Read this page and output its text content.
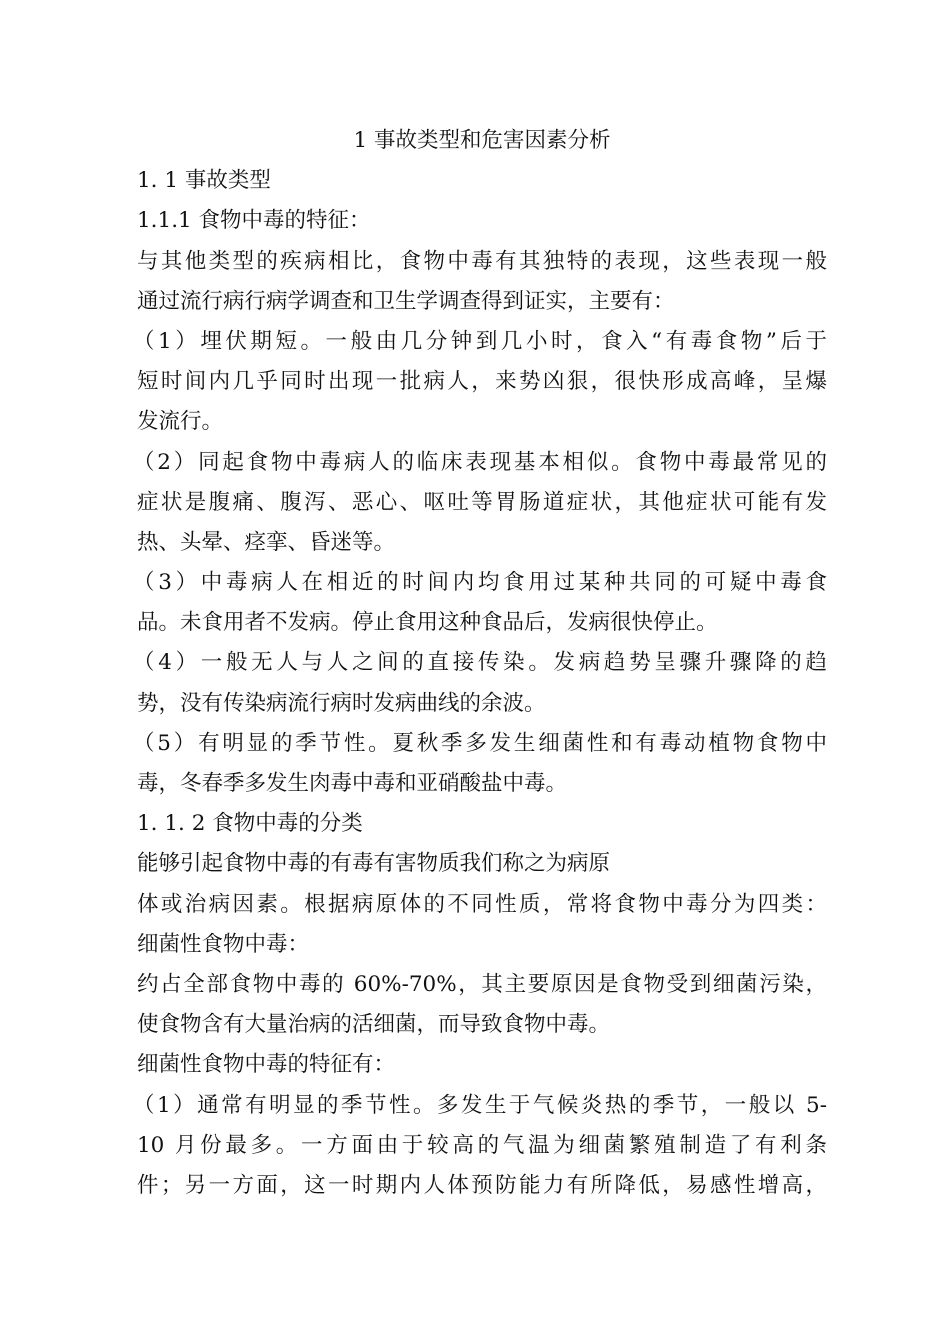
1 事故类型和危害因素分析
1. 1 事故类型
1.1.1 食物中毒的特征：
与其他类型的疾病相比，食物中毒有其独特的表现，这些表现一般
通过流行病行病学调查和卫生学调查得到证实，主要有：
（1）埋伏期短。一般由几分钟到几小时，食入“有毒食物”后于
短时间内几乎同时出现一批病人，来势凶狠，很快形成高峰，呈爆
发流行。
（2）同起食物中毒病人的临床表现基本相似。食物中毒最常见的
症状是腹痛、腹泻、恶心、呕吐等胃肠道症状，其他症状可能有发
热、头晕、痉挛、昏迷等。
（3）中毒病人在相近的时间内均食用过某种共同的可疑中毒食
品。未食用者不发病。停止食用这种食品后，发病很快停止。
（4）一般无人与人之间的直接传染。发病趋势呈骤升骤降的趋
势，没有传染病流行病时发病曲线的余波。
（5）有明显的季节性。夏秋季多发生细菌性和有毒动植物食物中
毒，冬春季多发生肉毒中毒和亚硝酸盐中毒。
1. 1. 2 食物中毒的分类
能够引起食物中毒的有毒有害物质我们称之为病原
体或治病因素。根据病原体的不同性质，常将食物中毒分为四类：
细菌性食物中毒：
约占全部食物中毒的 60%-70%，其主要原因是食物受到细菌污染，
使食物含有大量治病的活细菌，而导致食物中毒。
细菌性食物中毒的特征有：
（1）通常有明显的季节性。多发生于气候炎热的季节，一般以 5-
10 月份最多。一方面由于较高的气温为细菌繁殖制造了有利条
件；另一方面，这一时期内人体预防能力有所降低，易感性增高，
